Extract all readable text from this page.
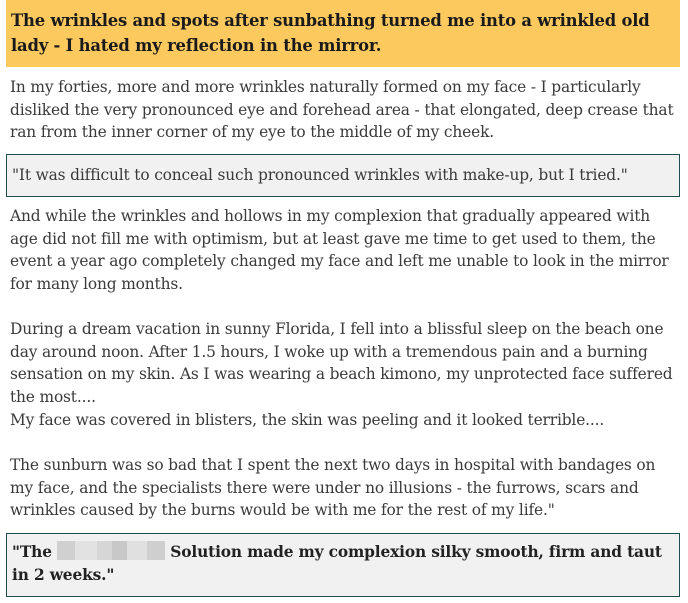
The wrinkles and spots after sunbathing turned me into a wrinkled old lady - I hated my reflection in the mirror.

In my forties, more and more wrinkles naturally formed on my face - I particularly disliked the very pronounced eye and forehead area - that elongated, deep crease that ran from the inner corner of my eye to the middle of my cheek.

"It was difficult to conceal such pronounced wrinkles with make-up, but I tried."

And while the wrinkles and hollows in my complexion that gradually appeared with age did not fill me with optimism, but at least gave me time to get used to them, the event a year ago completely changed my face and left me unable to look in the mirror for many long months.

During a dream vacation in sunny Florida, I fell into a blissful sleep on the beach one day around noon. After 1.5 hours, I woke up with a tremendous pain and a burning sensation on my skin. As I was wearing a beach kimono, my unprotected face suffered the most....

My face was covered in blisters, the skin was peeling and it looked terrible....

The sunburn was so bad that I spent the next two days in hospital with bandages on my face, and the specialists there were under no illusions - the furrows, scars and wrinkles caused by the burns would be with me for the rest of my life."

"The	Solution made my complexion silky smooth, firm and taut in 2 weeks."
